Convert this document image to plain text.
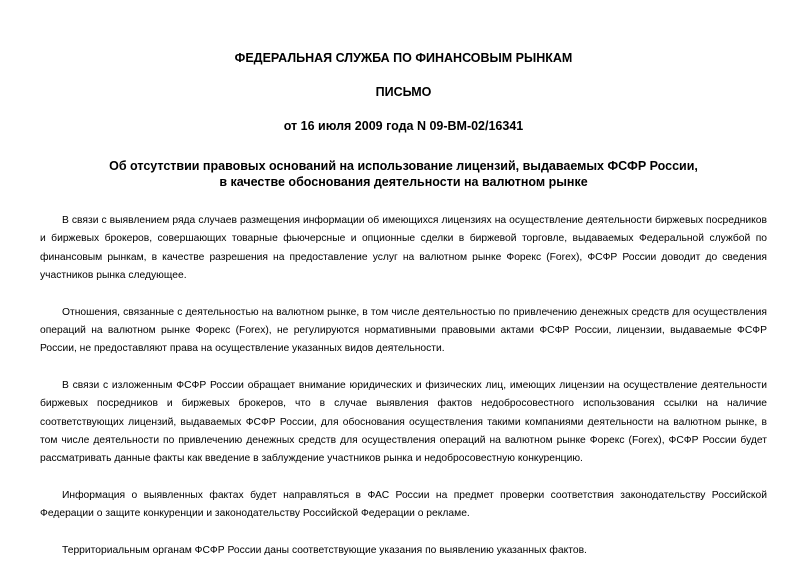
ФЕДЕРАЛЬНАЯ СЛУЖБА ПО ФИНАНСОВЫМ РЫНКАМ

ПИСЬМО

от 16 июля 2009 года N 09-ВМ-02/16341

Об отсутствии правовых оснований на использование лицензий, выдаваемых ФСФР России,
в качестве обоснования деятельности на валютном рынке

В связи с выявлением ряда случаев размещения информации об имеющихся лицензиях на осуществление деятельности биржевых посредников и биржевых брокеров, совершающих товарные фьючерсные и опционные сделки в биржевой торговле, выдаваемых Федеральной службой по финансовым рынкам, в качестве разрешения на предоставление услуг на валютном рынке Форекс (Forex), ФСФР России доводит до сведения участников рынка следующее.

Отношения, связанные с деятельностью на валютном рынке, в том числе деятельностью по привлечению денежных средств для осуществления операций на валютном рынке Форекс (Forex), не регулируются нормативными правовыми актами ФСФР России, лицензии, выдаваемые ФСФР России, не предоставляют права на осуществление указанных видов деятельности.

В связи с изложенным ФСФР России обращает внимание юридических и физических лиц, имеющих лицензии на осуществление деятельности биржевых посредников и биржевых брокеров, что в случае выявления фактов недобросовестного использования ссылки на наличие соответствующих лицензий, выдаваемых ФСФР России, для обоснования осуществления такими компаниями деятельности на валютном рынке, в том числе деятельности по привлечению денежных средств для осуществления операций на валютном рынке Форекс (Forex), ФСФР России будет рассматривать данные факты как введение в заблуждение участников рынка и недобросовестную конкуренцию.

Информация о выявленных фактах будет направляться в ФАС России на предмет проверки соответствия законодательству Российской Федерации о защите конкуренции и законодательству Российской Федерации о рекламе.

Территориальным органам ФСФР России даны соответствующие указания по выявлению указанных фактов.
